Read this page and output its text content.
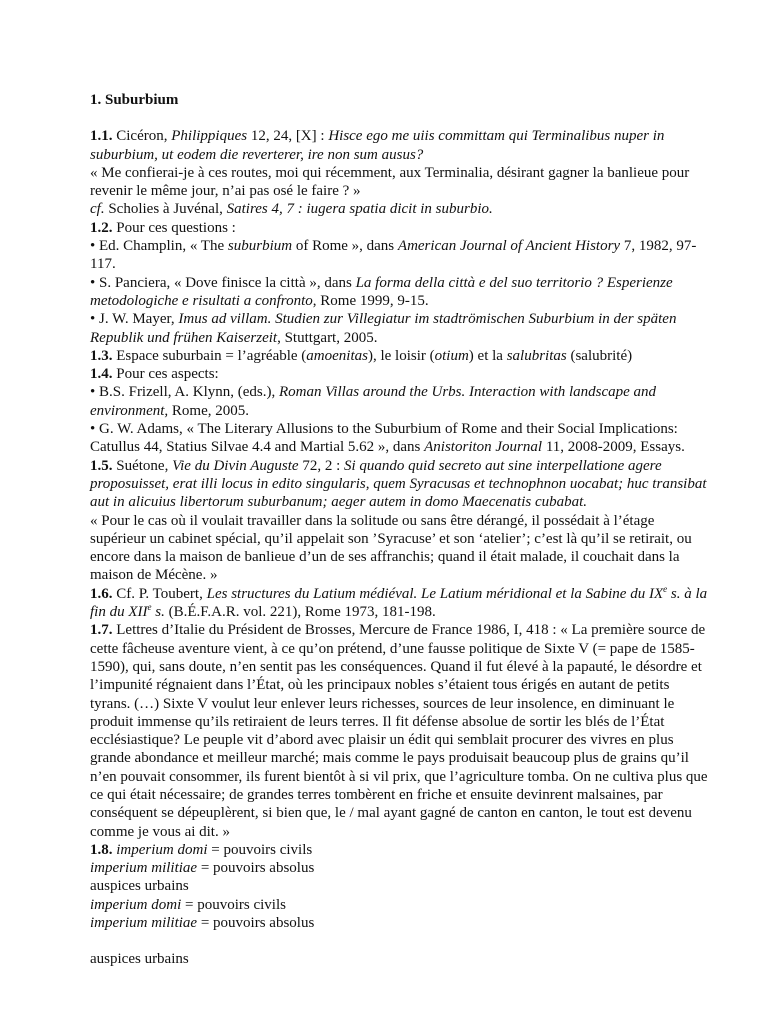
1. Suburbium

1.1. Cicéron, Philippiques 12, 24, [X] : Hisce ego me uiis committam qui Terminalibus nuper in suburbium, ut eodem die reverterer, ire non sum ausus?

« Me confierai-je à ces routes, moi qui récemment, aux Terminalia, désirant gagner la banlieue pour revenir le même jour, n’ai pas osé le faire ? »

cf. Scholies à Juvénal, Satires 4, 7 : iugera spatia dicit in suburbio.

1.2. Pour ces questions :

• Ed. Champlin, « The suburbium of Rome », dans American Journal of Ancient History 7, 1982, 97-117.

• S. Panciera, « Dove finisce la città », dans La forma della città e del suo territorio ? Esperienze metodologiche e risultati a confronto, Rome 1999, 9-15.

• J. W. Mayer, Imus ad villam. Studien zur Villegiatur im stadtrömischen Suburbium in der späten Republik und frühen Kaiserzeit, Stuttgart, 2005.

1.3. Espace suburbain = l’agréable (amoenitas), le loisir (otium) et la salubritas (salubrité)

1.4. Pour ces aspects:

• B.S. Frizell, A. Klynn, (eds.), Roman Villas around the Urbs. Interaction with landscape and environment, Rome, 2005.

• G. W. Adams, « The Literary Allusions to the Suburbium of Rome and their Social Implications: Catullus 44, Statius Silvae 4.4 and Martial 5.62 », dans Anistoriton Journal 11, 2008-2009, Essays.

1.5. Suétone, Vie du Divin Auguste 72, 2 : Si quando quid secreto aut sine interpellatione agere proposuisset, erat illi locus in edito singularis, quem Syracusas et technophnon uocabat; huc transibat aut in alicuius libertorum suburbanum; aeger autem in domo Maecenatis cubabat.

« Pour le cas où il voulait travailler dans la solitude ou sans être dérangé, il possédait à l’étage supérieur un cabinet spécial, qu’il appelait son ’Syracuse’ et son ‘atelier’; c’est là qu’il se retirait, ou encore dans la maison de banlieue d’un de ses affranchis; quand il était malade, il couchait dans la maison de Mécène. »

1.6. Cf. P. Toubert, Les structures du Latium médiéval. Le Latium méridional et la Sabine du IXe s. à la fin du XIIe s. (B.É.F.A.R. vol. 221), Rome 1973, 181-198.

1.7. Lettres d’Italie du Président de Brosses, Mercure de France 1986, I, 418 : « La première source de cette fâcheuse aventure vient, à ce qu’on prétend, d’une fausse politique de Sixte V (= pape de 1585-1590), qui, sans doute, n’en sentit pas les conséquences. Quand il fut élevé à la papauté, le désordre et l’impunité régnaient dans l’État, où les principaux nobles s’étaient tous érigés en autant de petits tyrans. (…) Sixte V voulut leur enlever leurs richesses, sources de leur insolence, en diminuant le produit immense qu’ils retiraient de leurs terres. Il fit défense absolue de sortir les blés de l’État ecclésiastique? Le peuple vit d’abord avec plaisir un édit qui semblait procurer des vivres en plus grande abondance et meilleur marché; mais comme le pays produisait beaucoup plus de grains qu’il n’en pouvait consommer, ils furent bientôt à si vil prix, que l’agriculture tomba. On ne cultiva plus que ce qui était nécessaire; de grandes terres tombèrent en friche et ensuite devinrent malsaines, par conséquent se dépeuplèrent, si bien que, le / mal ayant gagné de canton en canton, le tout est devenu comme je vous ai dit. »

1.8. imperium domi = pouvoirs civils

imperium militiae = pouvoirs absolus

auspices urbains

imperium domi = pouvoirs civils

imperium militiae = pouvoirs absolus

auspices urbains
